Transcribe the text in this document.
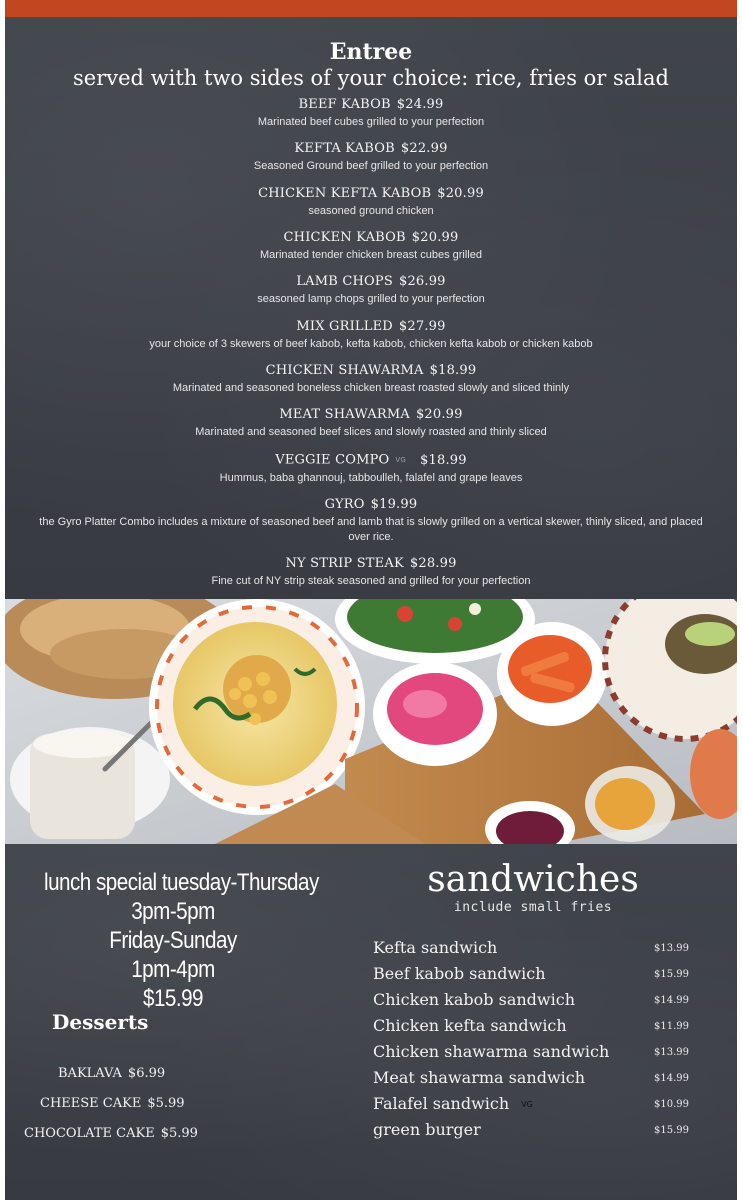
Entree
served with two sides of your choice: rice, fries or salad
BEEF KABOB $24.99
Marinated beef cubes grilled to your perfection
KEFTA KABOB $22.99
Seasoned Ground beef grilled to your perfection
CHICKEN KEFTA KABOB $20.99
seasoned ground chicken
CHICKEN KABOB $20.99
Marinated tender chicken breast cubes grilled
LAMB CHOPS $26.99
seasoned lamp chops grilled to your perfection
MIX GRILLED $27.99
your choice of 3 skewers of beef kabob, kefta kabob, chicken kefta kabob or chicken kabob
CHICKEN SHAWARMA $18.99
Marinated and seasoned boneless chicken breast roasted slowly and sliced thinly
MEAT SHAWARMA $20.99
Marinated and seasoned beef slices and slowly roasted and thinly sliced
VEGGIE COMPO VG $18.99
Hummus, baba ghannouj, tabboulleh, falafel and grape leaves
GYRO $19.99
the Gyro Platter Combo includes a mixture of seasoned beef and lamb that is slowly grilled on a vertical skewer, thinly sliced, and placed over rice.
NY STRIP STEAK $28.99
Fine cut of NY strip steak seasoned and grilled for your perfection
lunch special tuesday-Thursday
3pm-5pm
Friday-Sunday
1pm-4pm
$15.99
Desserts
BAKLAVA $6.99
CHEESE CAKE $5.99
CHOCOLATE CAKE $5.99
sandwiches
include small fries
Kefta sandwich	$13.99
Beef kabob sandwich	$15.99
Chicken kabob sandwich	$14.99
Chicken kefta sandwich	$11.99
Chicken shawarma sandwich	$13.99
Meat shawarma sandwich	$14.99
Falafel sandwich VG	$10.99
green burger	$15.99
